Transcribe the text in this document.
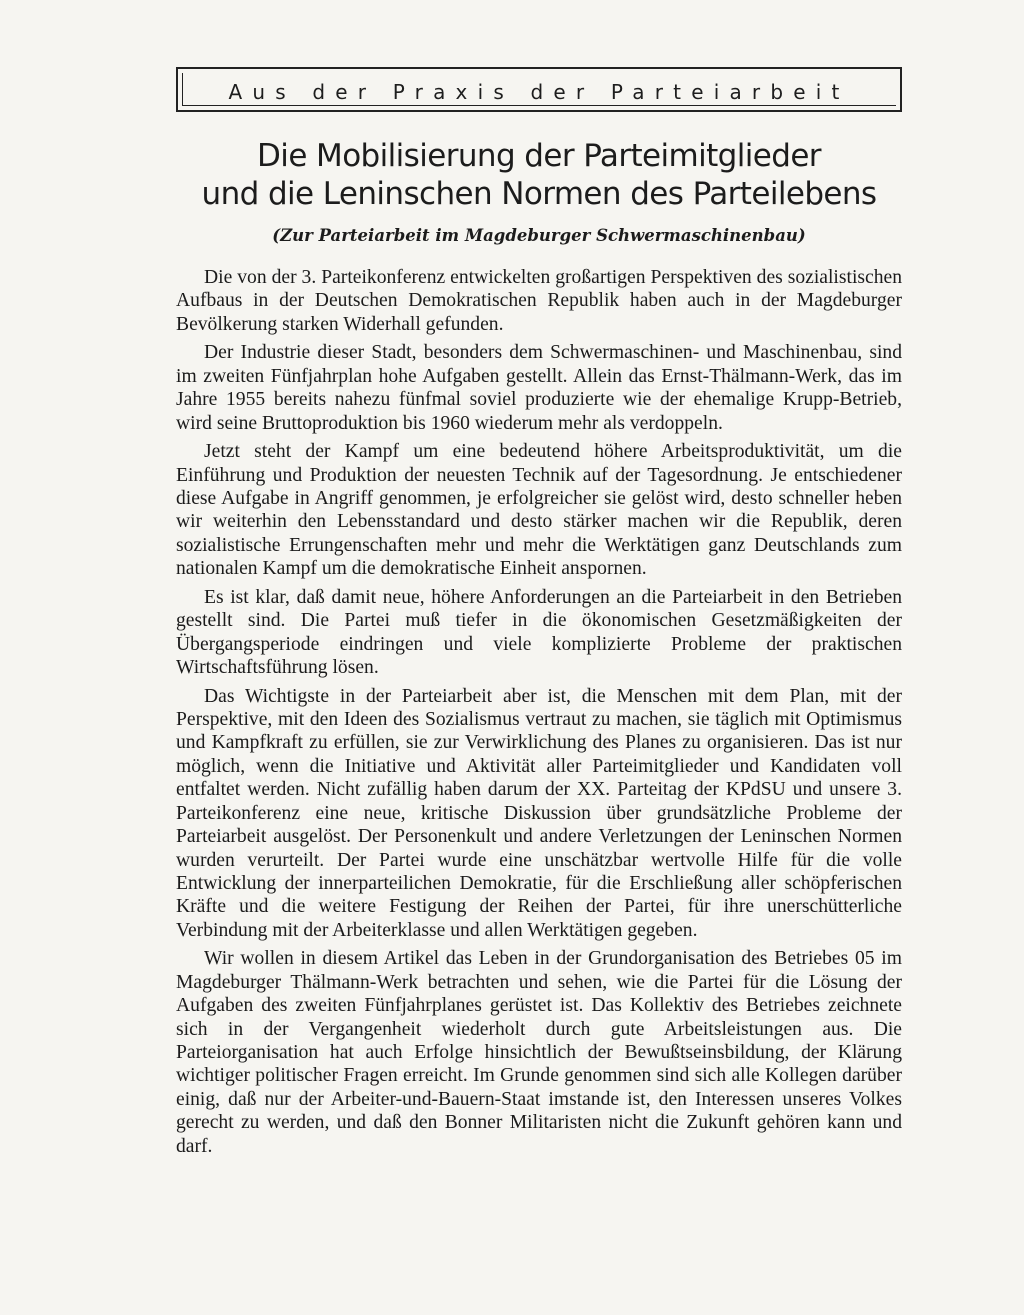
Aus der Praxis der Parteiarbeit
Die Mobilisierung der Parteimitglieder
und die Leninschen Normen des Parteilebens
(Zur Parteiarbeit im Magdeburger Schwermaschinenbau)

Die von der 3. Parteikonferenz entwickelten großartigen Perspektiven des sozialistischen Aufbaus in der Deutschen Demokratischen Republik haben auch in der Magdeburger Bevölkerung starken Widerhall gefunden.

Der Industrie dieser Stadt, besonders dem Schwermaschinen- und Maschinenbau, sind im zweiten Fünfjahrplan hohe Aufgaben gestellt. Allein das Ernst-Thälmann-Werk, das im Jahre 1955 bereits nahezu fünfmal soviel produzierte wie der ehemalige Krupp-Betrieb, wird seine Bruttoproduktion bis 1960 wiederum mehr als verdoppeln.

Jetzt steht der Kampf um eine bedeutend höhere Arbeitsproduktivität, um die Einführung und Produktion der neuesten Technik auf der Tagesordnung. Je entschiedener diese Aufgabe in Angriff genommen, je erfolgreicher sie gelöst wird, desto schneller heben wir weiterhin den Lebensstandard und desto stärker machen wir die Republik, deren sozialistische Errungenschaften mehr und mehr die Werktätigen ganz Deutschlands zum nationalen Kampf um die demokratische Einheit anspornen.

Es ist klar, daß damit neue, höhere Anforderungen an die Parteiarbeit in den Betrieben gestellt sind. Die Partei muß tiefer in die ökonomischen Gesetzmäßigkeiten der Übergangsperiode eindringen und viele komplizierte Probleme der praktischen Wirtschaftsführung lösen.

Das Wichtigste in der Parteiarbeit aber ist, die Menschen mit dem Plan, mit der Perspektive, mit den Ideen des Sozialismus vertraut zu machen, sie täglich mit Optimismus und Kampfkraft zu erfüllen, sie zur Verwirklichung des Planes zu organisieren. Das ist nur möglich, wenn die Initiative und Aktivität aller Parteimitglieder und Kandidaten voll entfaltet werden. Nicht zufällig haben darum der XX. Parteitag der KPdSU und unsere 3. Parteikonferenz eine neue, kritische Diskussion über grundsätzliche Probleme der Parteiarbeit ausgelöst. Der Personenkult und andere Verletzungen der Leninschen Normen wurden verurteilt. Der Partei wurde eine unschätzbar wertvolle Hilfe für die volle Entwicklung der innerparteilichen Demokratie, für die Erschließung aller schöpferischen Kräfte und die weitere Festigung der Reihen der Partei, für ihre unerschütterliche Verbindung mit der Arbeiterklasse und allen Werktätigen gegeben.

Wir wollen in diesem Artikel das Leben in der Grundorganisation des Betriebes 05 im Magdeburger Thälmann-Werk betrachten und sehen, wie die Partei für die Lösung der Aufgaben des zweiten Fünfjahrplanes gerüstet ist. Das Kollektiv des Betriebes zeichnete sich in der Vergangenheit wiederholt durch gute Arbeitsleistungen aus. Die Parteiorganisation hat auch Erfolge hinsichtlich der Bewußtseinsbildung, der Klärung wichtiger politischer Fragen erreicht. Im Grunde genommen sind sich alle Kollegen darüber einig, daß nur der Arbeiter-und-Bauern-Staat imstande ist, den Interessen unseres Volkes gerecht zu werden, und daß den Bonner Militaristen nicht die Zukunft gehören kann und darf.
